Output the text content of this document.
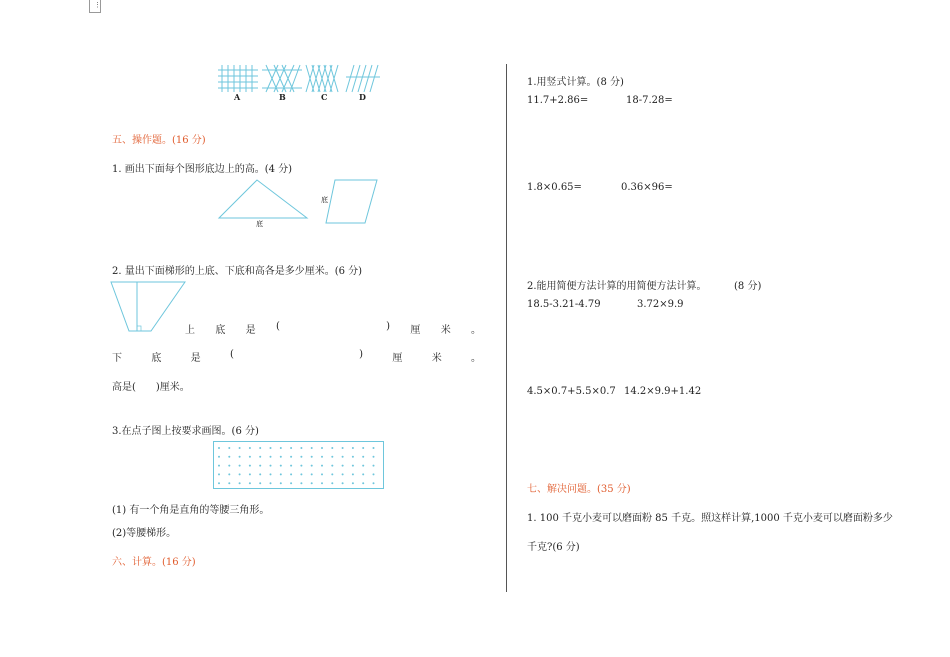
⋮
A	B	C	D
五、操作题。(16 分)
1. 画出下面每个图形底边上的高。(4 分)
底
底
2. 量出下面梯形的上底、下底和高各是多少厘米。(6 分)
上 底 是 (	) 厘 米 。
下	底	是	(	)	厘	米	。
高是(　　)厘米。
3.在点子图上按要求画图。(6 分)
(1) 有一个角是直角的等腰三角形。
(2)等腰梯形。
六、计算。(16 分)
1.用竖式计算。(8 分)
11.7+2.86=	18-7.28=
1.8×0.65=	0.36×96=
2.能用简便方法计算的用简便方法计算。	(8 分)
18.5-3.21-4.79	3.72×9.9
4.5×0.7+5.5×0.7 14.2×9.9+1.42
七、解决问题。(35 分)
1. 100 千克小麦可以磨面粉 85 千克。照这样计算,1000 千克小麦可以磨面粉多少
千克?(6 分)
